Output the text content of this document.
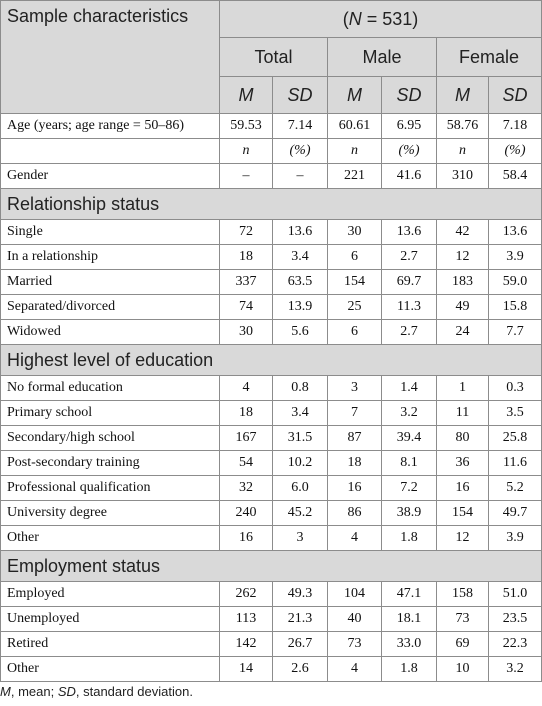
Sample characteristics	(N = 531)					
	Total		Male		Female	
	M	SD	M	SD	M	SD
Age (years; age range = 50–86)	59.53	7.14	60.61	6.95	58.76	7.18
	n	(%)	n	(%)	n	(%)
Gender	–	–	221	41.6	310	58.4
Relationship status						
Single	72	13.6	30	13.6	42	13.6
In a relationship	18	3.4	6	2.7	12	3.9
Married	337	63.5	154	69.7	183	59.0
Separated/divorced	74	13.9	25	11.3	49	15.8
Widowed	30	5.6	6	2.7	24	7.7
Highest level of education						
No formal education	4	0.8	3	1.4	1	0.3
Primary school	18	3.4	7	3.2	11	3.5
Secondary/high school	167	31.5	87	39.4	80	25.8
Post-secondary training	54	10.2	18	8.1	36	11.6
Professional qualification	32	6.0	16	7.2	16	5.2
University degree	240	45.2	86	38.9	154	49.7
Other	16	3	4	1.8	12	3.9
Employment status						
Employed	262	49.3	104	47.1	158	51.0
Unemployed	113	21.3	40	18.1	73	23.5
Retired	142	26.7	73	33.0	69	22.3
Other	14	2.6	4	1.8	10	3.2
M, mean; SD, standard deviation.
